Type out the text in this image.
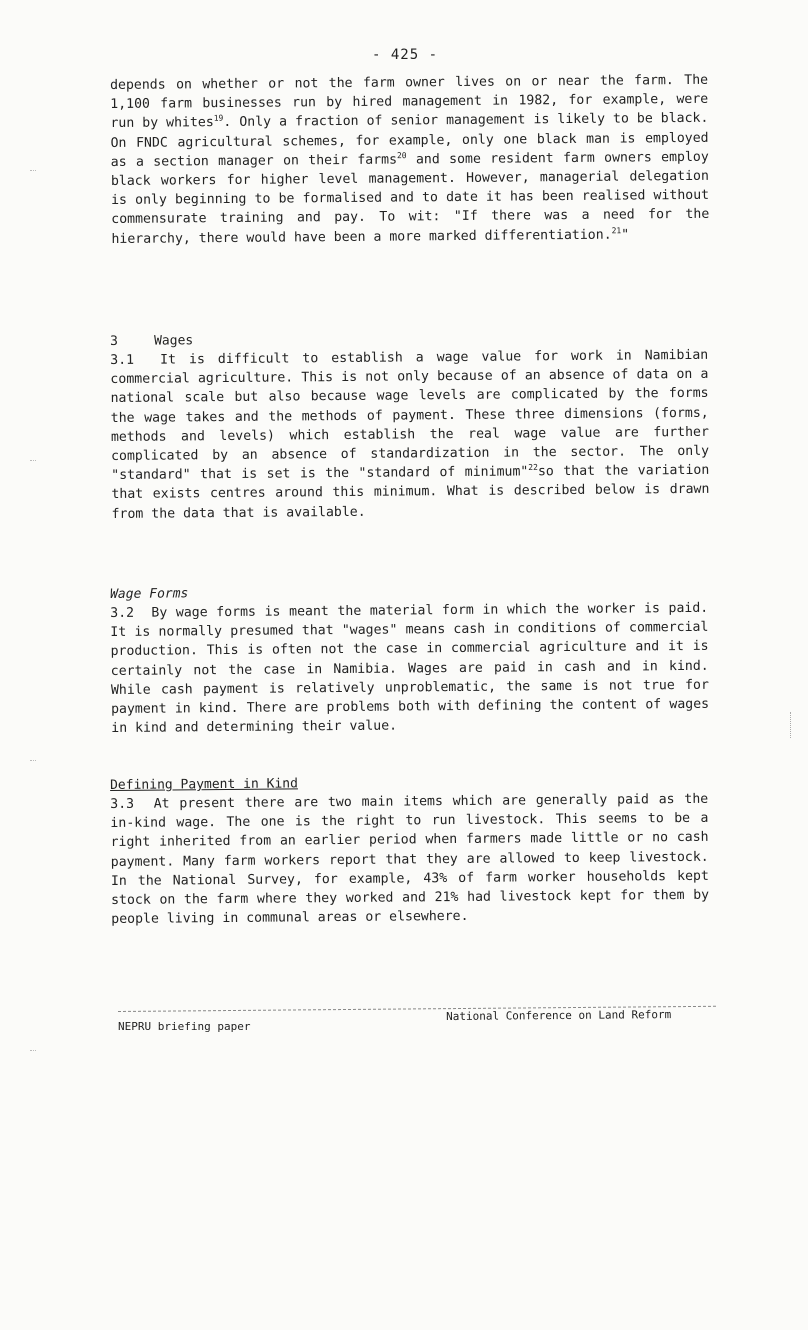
- 425 -

depends on whether or not the farm owner lives on or near the farm. The 1,100 farm businesses run by hired management in 1982, for example, were run by whites$^{19}$. Only a fraction of senior management is likely to be black. On FNDC agricultural schemes, for example, only one black man is employed as a section manager on their farms$^{20}$ and some resident farm owners employ black workers for higher level management. However, managerial delegation is only beginning to be formalised and to date it has been realised without commensurate training and pay. To wit: "If there was a need for the hierarchy, there would have been a more marked differentiation.$^{21}$"

3	Wages

3.1 It is difficult to establish a wage value for work in Namibian commercial agriculture. This is not only because of an absence of data on a national scale but also because wage levels are complicated by the forms the wage takes and the methods of payment. These three dimensions (forms, methods and levels) which establish the real wage value are further complicated by an absence of standardization in the sector. The only "standard" that is set is the "standard of minimum"$^{22}$so that the variation that exists centres around this minimum. What is described below is drawn from the data that is available.

Wage Forms

3.2 By wage forms is meant the material form in which the worker is paid. It is normally presumed that "wages" means cash in conditions of commercial production. This is often not the case in commercial agriculture and it is certainly not the case in Namibia. Wages are paid in cash and in kind. While cash payment is relatively unproblematic, the same is not true for payment in kind. There are problems both with defining the content of wages in kind and determining their value.

Defining Payment in Kind

3.3 At present there are two main items which are generally paid as the in-kind wage. The one is the right to run livestock. This seems to be a right inherited from an earlier period when farmers made little or no cash payment. Many farm workers report that they are allowed to keep livestock. In the National Survey, for example, 43% of farm worker households kept stock on the farm where they worked and 21% had livestock kept for them by people living in communal areas or elsewhere.

NEPRU briefing paper
National Conference on Land Reform
